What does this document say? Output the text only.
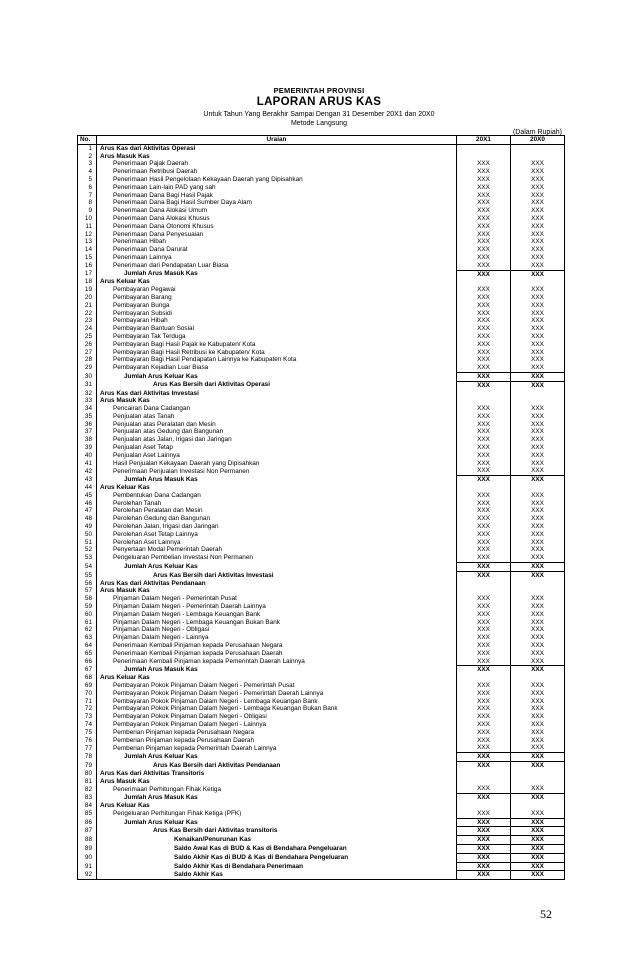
PEMERINTAH PROVINSI
LAPORAN ARUS KAS
Untuk Tahun Yang Berakhir Sampai Dengan 31 Desember 20X1 dan 20X0
Metode Langsung
(Dalam Rupiah)
No.	Uraian	20X1	20X0
1	Arus Kas dari Aktivitas Operasi		
2	Arus Masuk Kas		
3	Penerimaan Pajak Daerah	XXX	XXX
4	Penerimaan Retribusi Daerah	XXX	XXX
5	Penerimaan Hasil Pengelolaan Kekayaan Daerah yang Dipisahkan	XXX	XXX
6	Penerimaan Lain-lain PAD yang sah	XXX	XXX
7	Penerimaan Dana Bagi Hasil Pajak	XXX	XXX
8	Penerimaan Dana Bagi Hasil Sumber Daya Alam	XXX	XXX
9	Penerimaan Dana Alokasi Umum	XXX	XXX
10	Penerimaan Dana Alokasi Khusus	XXX	XXX
11	Penerimaan Dana Otonomi Khusus	XXX	XXX
12	Penerimaan Dana Penyesuaian	XXX	XXX
13	Penerimaan Hibah	XXX	XXX
14	Penerimaan Dana Darurat	XXX	XXX
15	Penerimaan Lainnya	XXX	XXX
16	Penerimaan dari Pendapatan Luar Biasa	XXX	XXX
17	Jumlah Arus Masuk Kas	XXX	XXX
18	Arus Keluar Kas		
19	Pembayaran Pegawai	XXX	XXX
20	Pembayaran Barang	XXX	XXX
21	Pembayaran Bunga	XXX	XXX
22	Pembayaran Subsidi	XXX	XXX
23	Pembayaran Hibah	XXX	XXX
24	Pembayaran Bantuan Sosial	XXX	XXX
25	Pembayaran Tak Terduga	XXX	XXX
26	Pembayaran Bagi Hasil Pajak ke Kabupaten/ Kota	XXX	XXX
27	Pembayaran Bagi Hasil Retribusi ke Kabupaten/ Kota	XXX	XXX
28	Pembayaran Bagi Hasil Pendapatan Lainnya ke Kabupaten Kota	XXX	XXX
29	Pembayaran Kejadian Luar Biasa	XXX	XXX
30	Jumlah Arus Keluar Kas	XXX	XXX
31	Arus Kas Bersih dari Aktivitas Operasi	XXX	XXX
32	Arus Kas dari Aktivitas Investasi		
33	Arus Masuk Kas		
34	Pencairan Dana Cadangan	XXX	XXX
35	Penjualan atas Tanah	XXX	XXX
36	Penjualan atas Peralatan dan Mesin	XXX	XXX
37	Penjualan atas Gedung dan Bangunan	XXX	XXX
38	Penjualan atas Jalan, Irigasi dan Jaringan	XXX	XXX
39	Penjualan Aset Tetap	XXX	XXX
40	Penjualan Aset Lainnya	XXX	XXX
41	Hasil Penjualan Kekayaan Daerah yang Dipisahkan	XXX	XXX
42	Penerimaan Penjualan Investasi Non Permanen	XXX	XXX
43	Jumlah Arus Masuk Kas	XXX	XXX
44	Arus Keluar Kas		
45	Pembentukan Dana Cadangan	XXX	XXX
46	Perolehan Tanah	XXX	XXX
47	Perolehan Peralatan dan Mesin	XXX	XXX
48	Perolehan Gedung dan Bangunan	XXX	XXX
49	Perolehan Jalan, Irigasi dan Jaringan	XXX	XXX
50	Perolehan Aset Tetap Lainnya	XXX	XXX
51	Perolehan Aset Lainnya	XXX	XXX
52	Penyertaan Modal Pemerintah Daerah	XXX	XXX
53	Pengeluaran Pembelian Investasi Non Permanen	XXX	XXX
54	Jumlah Arus Keluar Kas	XXX	XXX
55	Arus Kas Bersih dari Aktivitas Investasi	XXX	XXX
56	Arus Kas dari Aktivitas Pendanaan		
57	Arus Masuk Kas		
58	Pinjaman Dalam Negeri - Pemerintah Pusat	XXX	XXX
59	Pinjaman Dalam Negeri - Pemerintah Daerah Lainnya	XXX	XXX
60	Pinjaman Dalam Negeri - Lembaga Keuangan Bank	XXX	XXX
61	Pinjaman Dalam Negeri - Lembaga Keuangan Bukan Bank	XXX	XXX
62	Pinjaman Dalam Negeri - Obligasi	XXX	XXX
63	Pinjaman Dalam Negeri - Lainnya	XXX	XXX
64	Penerimaan Kembali Pinjaman kepada Perusahaan Negara	XXX	XXX
65	Penerimaan Kembali Pinjaman kepada Perusahaan Daerah	XXX	XXX
66	Penerimaan Kembali Pinjaman kepada Pemerintah Daerah Lainnya	XXX	XXX
67	Jumlah Arus Masuk Kas	XXX	XXX
68	Arus Keluar Kas		
69	Pembayaran Pokok Pinjaman Dalam Negeri - Pemerintah Pusat	XXX	XXX
70	Pembayaran Pokok Pinjaman Dalam Negeri - Pemerintah Daerah Lainnya	XXX	XXX
71	Pembayaran Pokok Pinjaman Dalam Negeri - Lembaga Keuangan Bank	XXX	XXX
72	Pembayaran Pokok Pinjaman Dalam Negeri - Lembaga Keuangan Bukan Bank	XXX	XXX
73	Pembayaran Pokok Pinjaman Dalam Negeri - Obligasi	XXX	XXX
74	Pembayaran Pokok Pinjaman Dalam Negeri - Lainnya	XXX	XXX
75	Pemberian Pinjaman kepada Perusahaan Negara	XXX	XXX
76	Pemberian Pinjaman kepada Perusahaan Daerah	XXX	XXX
77	Pemberian Pinjaman kepada Pemerintah Daerah Lainnya	XXX	XXX
78	Jumlah Arus Keluar Kas	XXX	XXX
79	Arus Kas Bersih dari Aktivitas Pendanaan	XXX	XXX
80	Arus Kas dari Aktivitas Transitoris		
81	Arus Masuk Kas		
82	Penerimaan Perhitungan Fihak Ketiga	XXX	XXX
83	Jumlah Arus Masuk Kas	XXX	XXX
84	Arus Keluar Kas		
85	Pengeluaran Perhitungan Fihak Ketiga (PFK)	XXX	XXX
86	Jumlah Arus Keluar Kas	XXX	XXX
87	Arus Kas Bersih dari Aktivitas transitoris	XXX	XXX
88	Kenaikan/Penurunan Kas	XXX	XXX
89	Saldo Awal Kas di BUD & Kas di Bendahara Pengeluaran	XXX	XXX
90	Saldo Akhir Kas di BUD & Kas di Bendahara Pengeluaran	XXX	XXX
91	Saldo Akhir Kas di Bendahara Penerimaan	XXX	XXX
92	Saldo Akhir Kas	XXX	XXX
52
